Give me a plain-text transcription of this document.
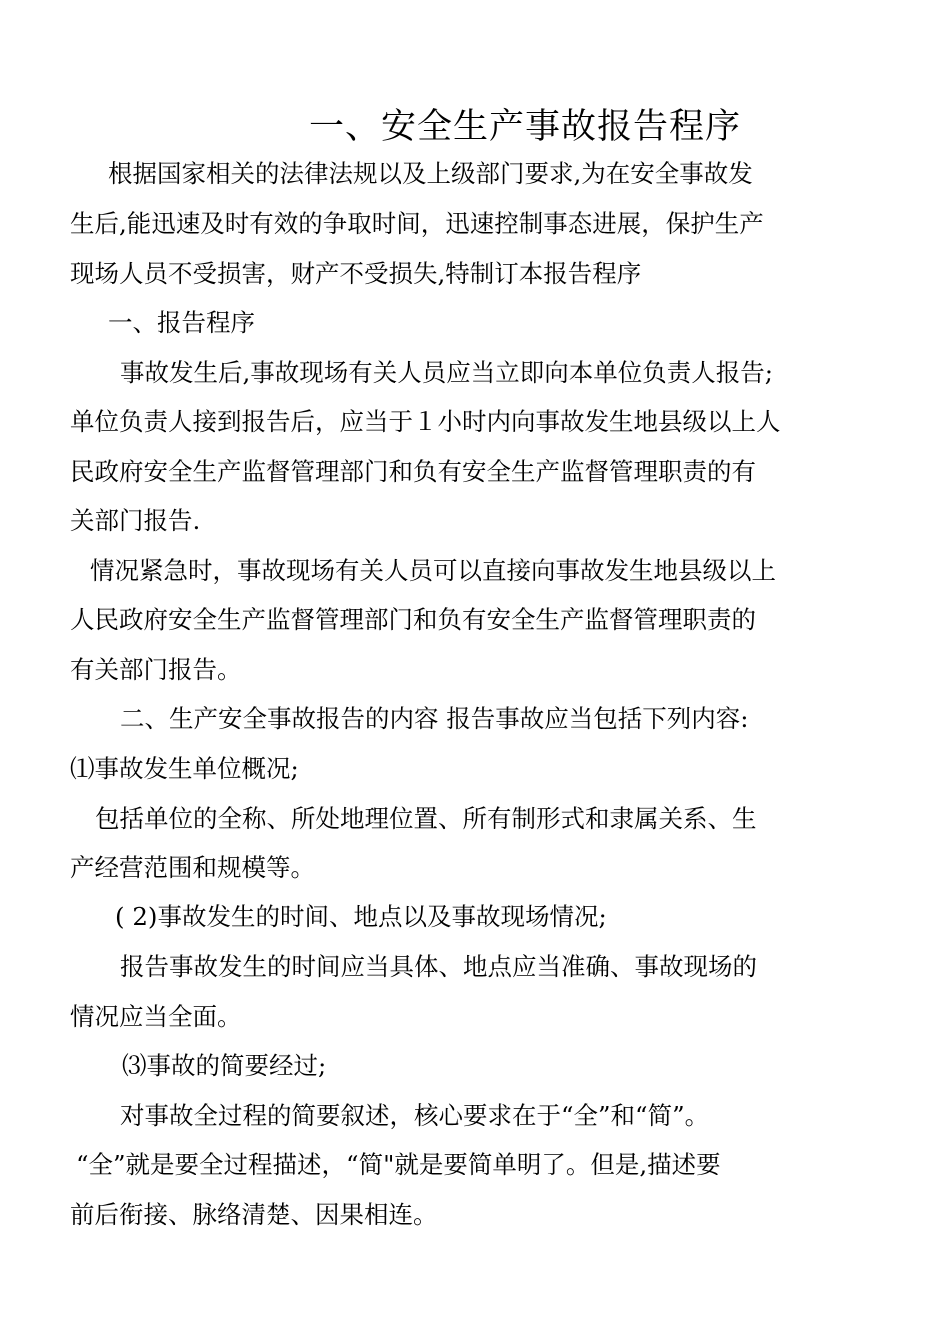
一、安全生产事故报告程序
根据国家相关的法律法规以及上级部门要求,为在安全事故发
生后,能迅速及时有效的争取时间，迅速控制事态进展，保护生产
现场人员不受损害，财产不受损失,特制订本报告程序
一、报告程序
事故发生后,事故现场有关人员应当立即向本单位负责人报告;
单位负责人接到报告后，应当于１小时内向事故发生地县级以上人
民政府安全生产监督管理部门和负有安全生产监督管理职责的有
关部门报告.
情况紧急时，事故现场有关人员可以直接向事故发生地县级以上
人民政府安全生产监督管理部门和负有安全生产监督管理职责的
有关部门报告。
二、生产安全事故报告的内容 报告事故应当包括下列内容:
⑴事故发生单位概况;
包括单位的全称、所处地理位置、所有制形式和隶属关系、生
产经营范围和规模等。
( 2)事故发生的时间、地点以及事故现场情况;
报告事故发生的时间应当具体、地点应当准确、事故现场的
情况应当全面。
⑶事故的简要经过;
对事故全过程的简要叙述，核心要求在于“全”和“简”。
“全”就是要全过程描述，“简"就是要简单明了。但是,描述要
前后衔接、脉络清楚、因果相连。
